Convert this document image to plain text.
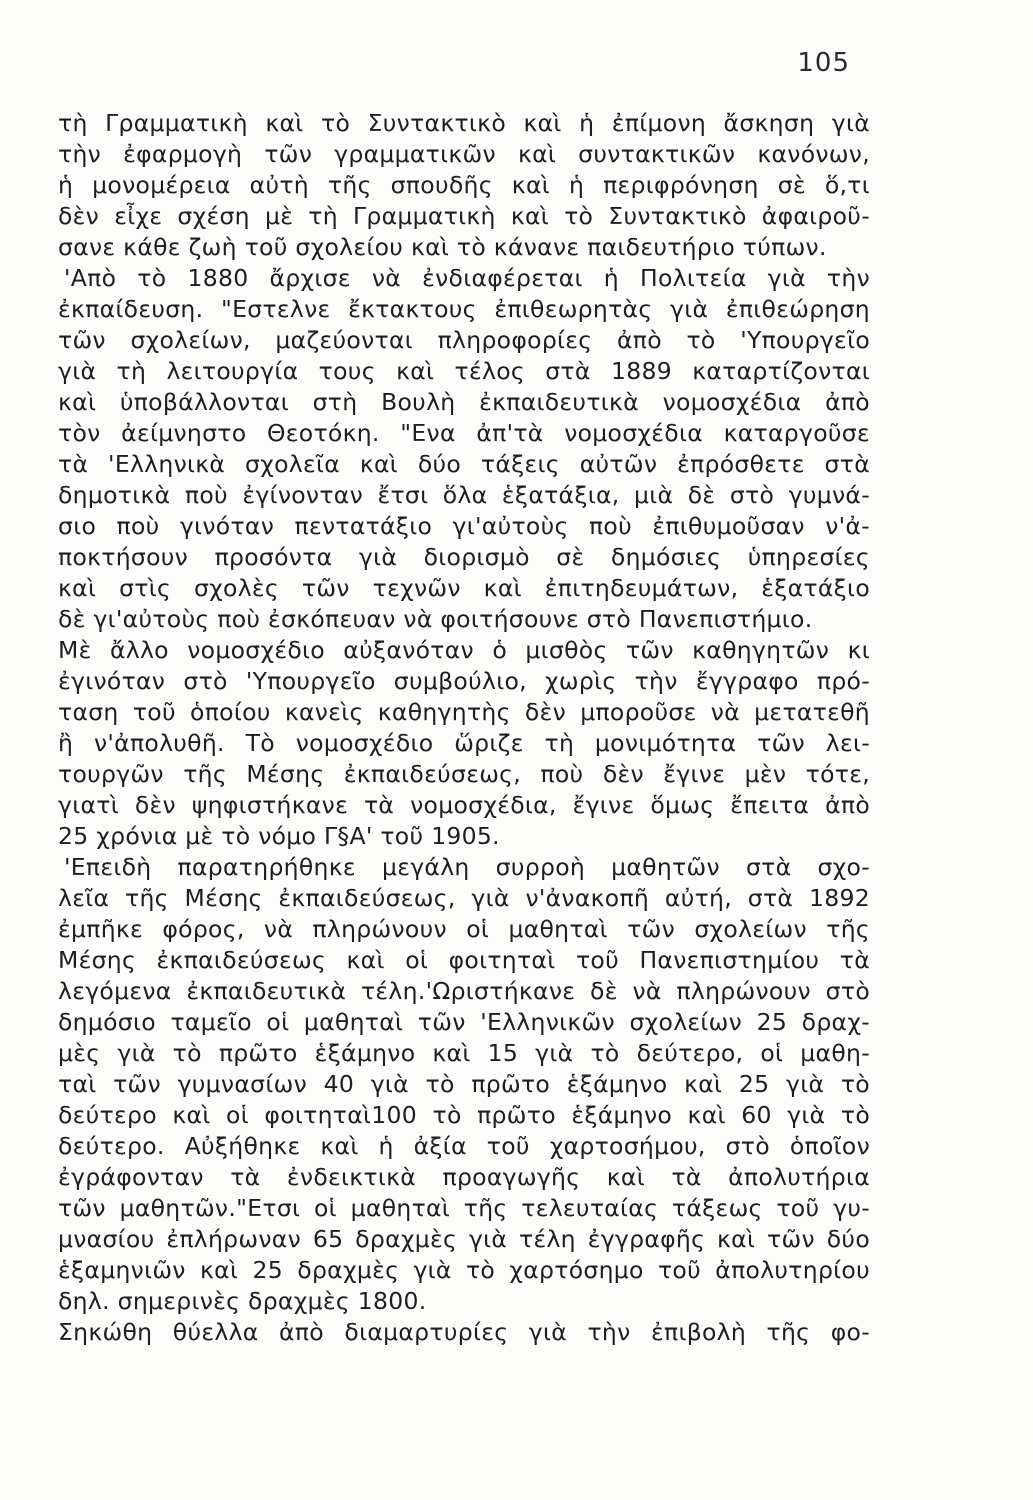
105
τὴ Γραμματικὴ καὶ τὸ Συντακτικὸ καὶ ἡ ἐπίμονη ἄσκηση γιὰ
τὴν ἐφαρμογὴ τῶν γραμματικῶν καὶ συντακτικῶν κανόνων,
ἡ μονομέρεια αὐτὴ τῆς σπουδῆς καὶ ἡ περιφρόνηση σὲ ὅ,τι
δὲν εἶχε σχέση μὲ τὴ Γραμματικὴ καὶ τὸ Συντακτικὸ ἀφαιροῦ-
σανε κάθε ζωὴ τοῦ σχολείου καὶ τὸ κάνανε παιδευτήριο τύπων.
'Απὸ τὸ 1880 ἄρχισε νὰ ἐνδιαφέρεται ἡ Πολιτεία γιὰ τὴν
ἐκπαίδευση. "Εστελνε ἔκτακτους ἐπιθεωρητὰς γιὰ ἐπιθεώρηση
τῶν σχολείων, μαζεύονται πληροφορίες ἀπὸ τὸ 'Υπουργεῖο
γιὰ τὴ λειτουργία τους καὶ τέλος στὰ 1889 καταρτίζονται
καὶ ὑποβάλλονται στὴ Βουλὴ ἐκπαιδευτικὰ νομοσχέδια ἀπὸ
τὸν ἀείμνηστο Θεοτόκη. "Ενα ἀπ'τὰ νομοσχέδια καταργοῦσε
τὰ 'Ελληνικὰ σχολεῖα καὶ δύο τάξεις αὐτῶν ἐπρόσθετε στὰ
δημοτικὰ ποὺ ἐγίνονταν ἔτσι ὅλα ἑξατάξια, μιὰ δὲ στὸ γυμνά-
σιο ποὺ γινόταν πεντατάξιο γι'αὐτοὺς ποὺ ἐπιθυμοῦσαν ν'ἀ-
ποκτήσουν προσόντα γιὰ διορισμὸ σὲ δημόσιες ὑπηρεσίες
καὶ στὶς σχολὲς τῶν τεχνῶν καὶ ἐπιτηδευμάτων, ἑξατάξιο
δὲ γι'αὐτοὺς ποὺ ἐσκόπευαν νὰ φοιτήσουνε στὸ Πανεπιστήμιο.
Μὲ ἄλλο νομοσχέδιο αὐξανόταν ὁ μισθὸς τῶν καθηγητῶν κι
ἐγινόταν στὸ 'Υπουργεῖο συμβούλιο, χωρὶς τὴν ἔγγραφο πρό-
ταση τοῦ ὁποίου κανεὶς καθηγητὴς δὲν μποροῦσε νὰ μετατεθῆ
ἢ ν'ἀπολυθῆ. Τὸ νομοσχέδιο ὥριζε τὴ μονιμότητα τῶν λει-
τουργῶν τῆς Μέσης ἐκπαιδεύσεως, ποὺ δὲν ἔγινε μὲν τότε,
γιατὶ δὲν ψηφιστήκανε τὰ νομοσχέδια, ἔγινε ὅμως ἔπειτα ἀπὸ
25 χρόνια μὲ τὸ νόμο Γ§Α' τοῦ 1905.
'Επειδὴ παρατηρήθηκε μεγάλη συρροὴ μαθητῶν στὰ σχο-
λεῖα τῆς Μέσης ἐκπαιδεύσεως, γιὰ ν'ἀνακοπῆ αὐτή, στὰ 1892
ἐμπῆκε φόρος, νὰ πληρώνουν οἱ μαθηταὶ τῶν σχολείων τῆς
Μέσης ἐκπαιδεύσεως καὶ οἱ φοιτηταὶ τοῦ Πανεπιστημίου τὰ
λεγόμενα ἐκπαιδευτικὰ τέλη.'Ωριστήκανε δὲ νὰ πληρώνουν στὸ
δημόσιο ταμεῖο οἱ μαθηταὶ τῶν 'Ελληνικῶν σχολείων 25 δραχ-
μὲς γιὰ τὸ πρῶτο ἑξάμηνο καὶ 15 γιὰ τὸ δεύτερο, οἱ μαθη-
ταὶ τῶν γυμνασίων 40 γιὰ τὸ πρῶτο ἑξάμηνο καὶ 25 γιὰ τὸ
δεύτερο καὶ οἱ φοιτηταὶ100 τὸ πρῶτο ἑξάμηνο καὶ 60 γιὰ τὸ
δεύτερο. Αὐξήθηκε καὶ ἡ ἀξία τοῦ χαρτοσήμου, στὸ ὁποῖον
ἐγράφονταν τὰ ἐνδεικτικὰ προαγωγῆς καὶ τὰ ἀπολυτήρια
τῶν μαθητῶν."Ετσι οἱ μαθηταὶ τῆς τελευταίας τάξεως τοῦ γυ-
μνασίου ἐπλήρωναν 65 δραχμὲς γιὰ τέλη ἐγγραφῆς καὶ τῶν δύο
ἑξαμηνιῶν καὶ 25 δραχμὲς γιὰ τὸ χαρτόσημο τοῦ ἀπολυτηρίου
δηλ. σημερινὲς δραχμὲς 1800.
Σηκώθη θύελλα ἀπὸ διαμαρτυρίες γιὰ τὴν ἐπιβολὴ τῆς φο-
